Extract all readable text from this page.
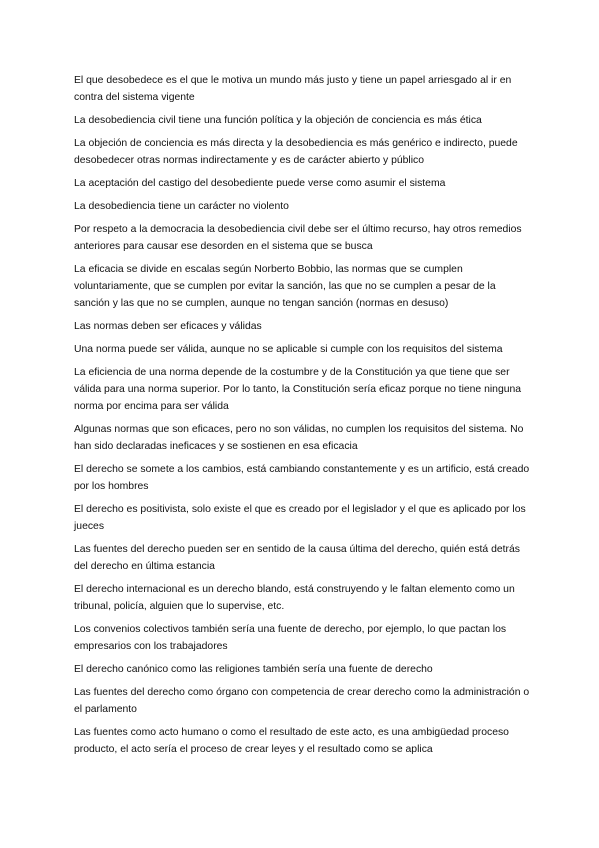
El que desobedece es el que le motiva un mundo más justo y tiene un papel arriesgado al ir en contra del sistema vigente

La desobediencia civil tiene una función política y la objeción de conciencia es más ética

La objeción de conciencia es más directa y la desobediencia es más genérico e indirecto, puede desobedecer otras normas indirectamente y es de carácter abierto y público

La aceptación del castigo del desobediente puede verse como asumir el sistema

La desobediencia tiene un carácter no violento

Por respeto a la democracia la desobediencia civil debe ser el último recurso, hay otros remedios anteriores para causar ese desorden en el sistema que se busca

La eficacia se divide en escalas según Norberto Bobbio, las normas que se cumplen voluntariamente, que se cumplen por evitar la sanción, las que no se cumplen a pesar de la sanción y las que no se cumplen, aunque no tengan sanción (normas en desuso)

Las normas deben ser eficaces y válidas

Una norma puede ser válida, aunque no se aplicable si cumple con los requisitos del sistema

La eficiencia de una norma depende de la costumbre y de la Constitución ya que tiene que ser válida para una norma superior. Por lo tanto, la Constitución sería eficaz porque no tiene ninguna norma por encima para ser válida

Algunas normas que son eficaces, pero no son válidas, no cumplen los requisitos del sistema. No han sido declaradas ineficaces y se sostienen en esa eficacia

El derecho se somete a los cambios, está cambiando constantemente y es un artificio, está creado por los hombres

El derecho es positivista, solo existe el que es creado por el legislador y el que es aplicado por los jueces

Las fuentes del derecho pueden ser en sentido de la causa última del derecho, quién está detrás del derecho en última estancia

El derecho internacional es un derecho blando, está construyendo y le faltan elemento como un tribunal, policía, alguien que lo supervise, etc.

Los convenios colectivos también sería una fuente de derecho, por ejemplo, lo que pactan los empresarios con los trabajadores

El derecho canónico como las religiones también sería una fuente de derecho

Las fuentes del derecho como órgano con competencia de crear derecho como la administración o el parlamento

Las fuentes como acto humano o como el resultado de este acto, es una ambigüedad proceso producto, el acto sería el proceso de crear leyes y el resultado como se aplica
